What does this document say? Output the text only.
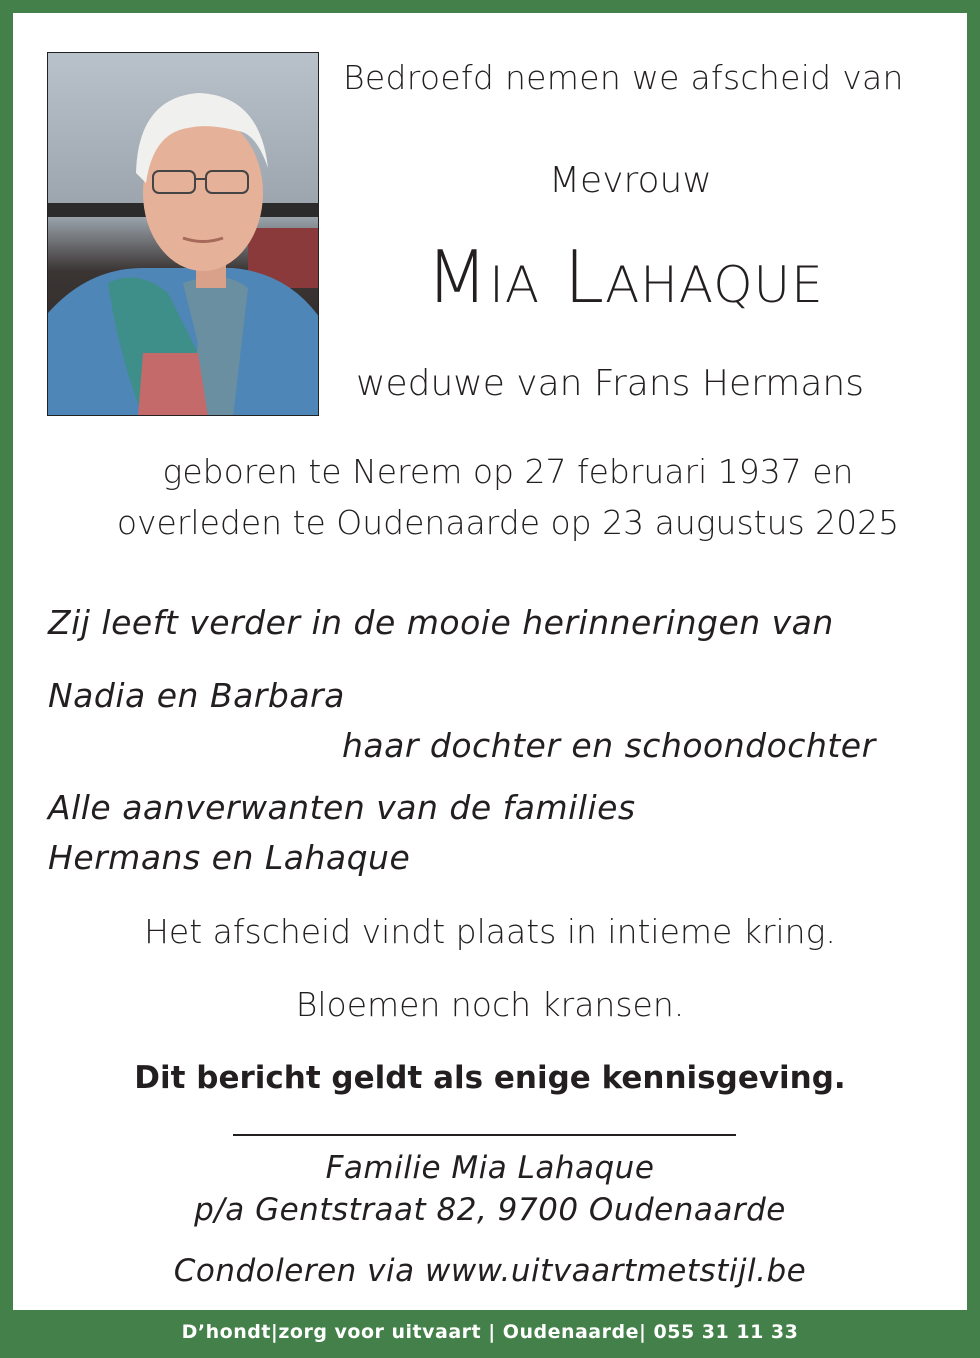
Bedroefd nemen we afscheid van
Mevrouw
Mia Lahaque
weduwe van Frans Hermans
geboren te Nerem op 27 februari 1937 en
overleden te Oudenaarde op 23 augustus 2025
Zij leeft verder in de mooie herinneringen van
Nadia en Barbara
haar dochter en schoondochter
Alle aanverwanten van de families
Hermans en Lahaque
Het afscheid vindt plaats in intieme kring.
Bloemen noch kransen.
Dit bericht geldt als enige kennisgeving.
Familie Mia Lahaque
p/a Gentstraat 82, 9700 Oudenaarde
Condoleren via www.uitvaartmetstijl.be
D’hondt|zorg voor uitvaart | Oudenaarde| 055 31 11 33
